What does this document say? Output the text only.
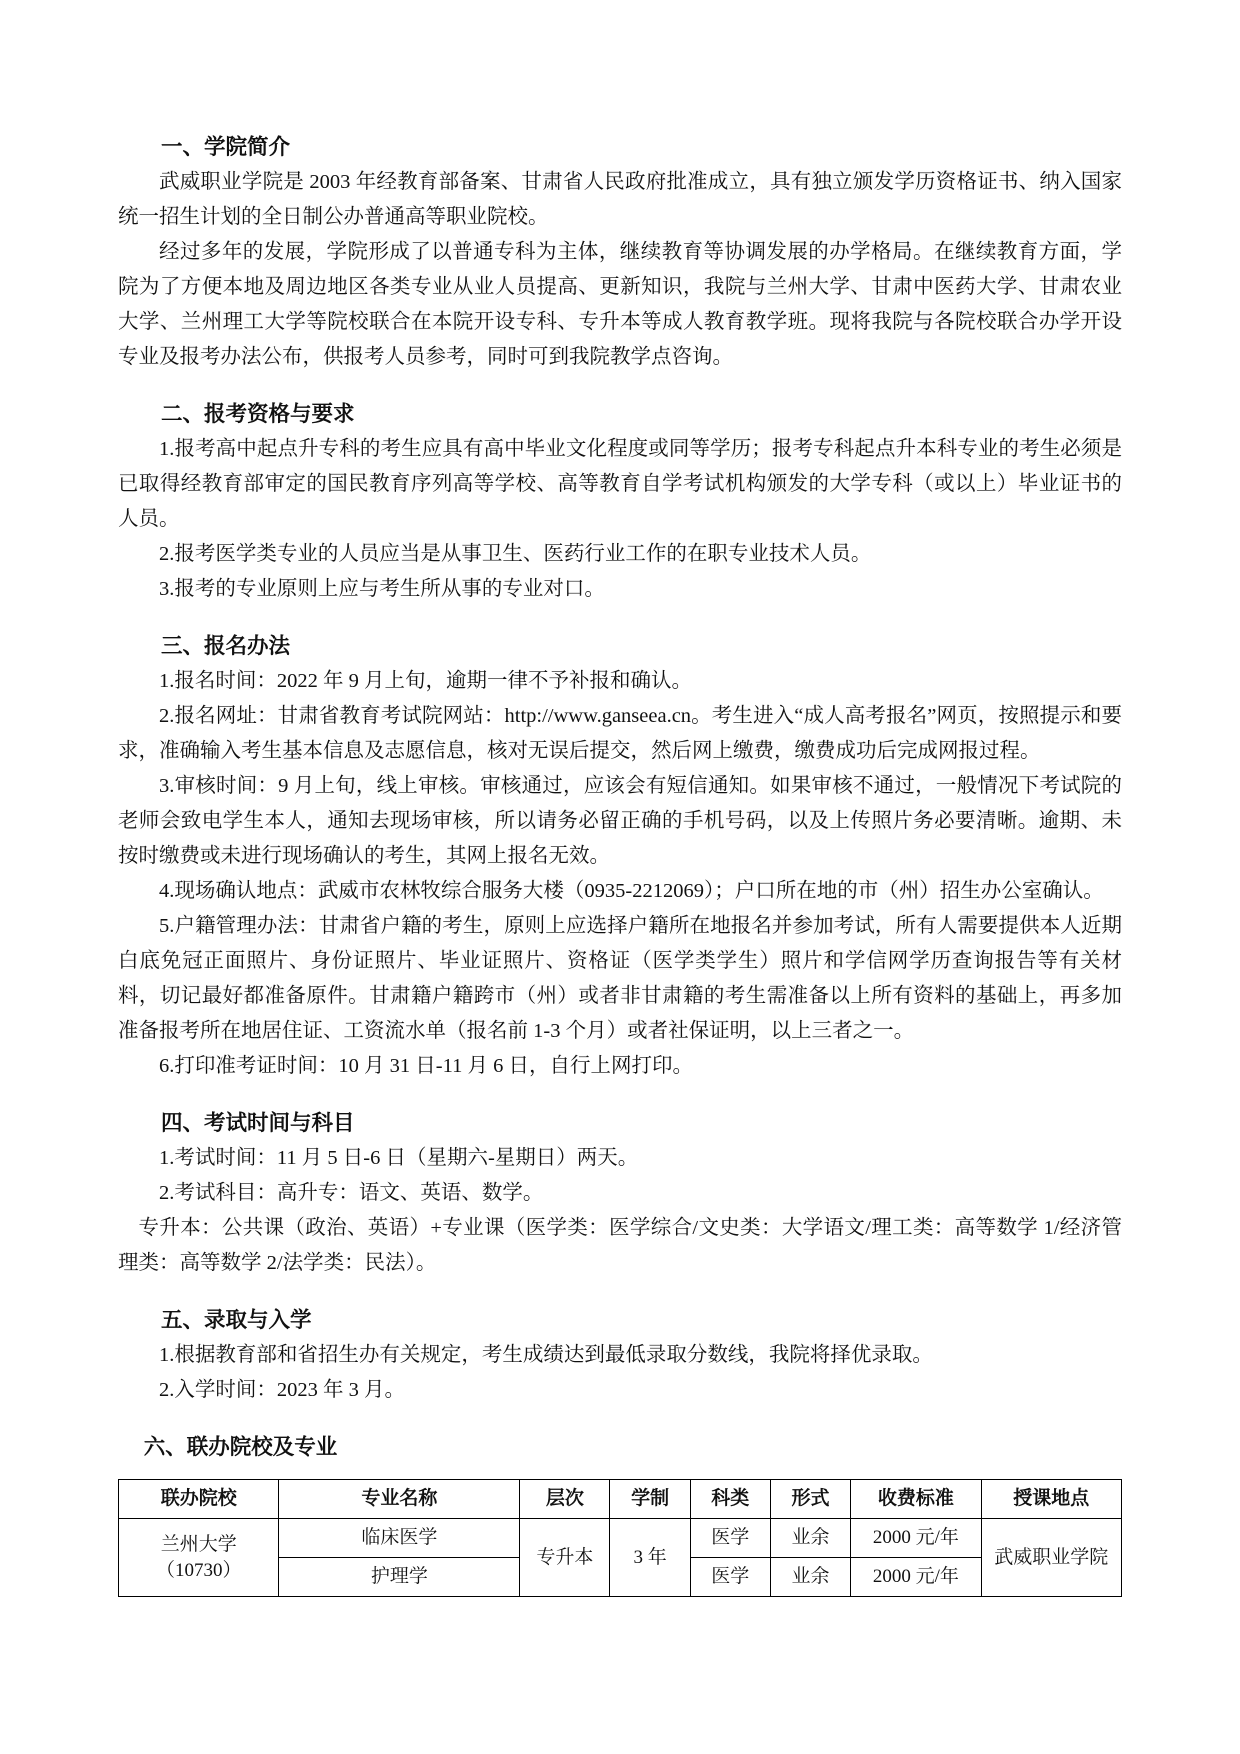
一、学院简介

武威职业学院是 2003 年经教育部备案、甘肃省人民政府批准成立，具有独立颁发学历资格证书、纳入国家统一招生计划的全日制公办普通高等职业院校。

经过多年的发展，学院形成了以普通专科为主体，继续教育等协调发展的办学格局。在继续教育方面，学院为了方便本地及周边地区各类专业从业人员提高、更新知识，我院与兰州大学、甘肃中医药大学、甘肃农业大学、兰州理工大学等院校联合在本院开设专科、专升本等成人教育教学班。现将我院与各院校联合办学开设专业及报考办法公布，供报考人员参考，同时可到我院教学点咨询。

二、报考资格与要求

1.报考高中起点升专科的考生应具有高中毕业文化程度或同等学历；报考专科起点升本科专业的考生必须是已取得经教育部审定的国民教育序列高等学校、高等教育自学考试机构颁发的大学专科（或以上）毕业证书的人员。

2.报考医学类专业的人员应当是从事卫生、医药行业工作的在职专业技术人员。

3.报考的专业原则上应与考生所从事的专业对口。

三、报名办法

1.报名时间：2022 年 9 月上旬，逾期一律不予补报和确认。

2.报名网址：甘肃省教育考试院网站：http://www.ganseea.cn。考生进入“成人高考报名”网页，按照提示和要求，准确输入考生基本信息及志愿信息，核对无误后提交，然后网上缴费，缴费成功后完成网报过程。

3.审核时间：9 月上旬，线上审核。审核通过，应该会有短信通知。如果审核不通过，一般情况下考试院的老师会致电学生本人，通知去现场审核，所以请务必留正确的手机号码，以及上传照片务必要清晰。逾期、未按时缴费或未进行现场确认的考生，其网上报名无效。

4.现场确认地点：武威市农林牧综合服务大楼（0935-2212069）；户口所在地的市（州）招生办公室确认。

5.户籍管理办法：甘肃省户籍的考生，原则上应选择户籍所在地报名并参加考试，所有人需要提供本人近期白底免冠正面照片、身份证照片、毕业证照片、资格证（医学类学生）照片和学信网学历查询报告等有关材料，切记最好都准备原件。甘肃籍户籍跨市（州）或者非甘肃籍的考生需准备以上所有资料的基础上，再多加准备报考所在地居住证、工资流水单（报名前 1-3 个月）或者社保证明，以上三者之一。

6.打印准考证时间：10 月 31 日-11 月 6 日，自行上网打印。

四、考试时间与科目

1.考试时间：11 月 5 日-6 日（星期六-星期日）两天。

2.考试科目：高升专：语文、英语、数学。

专升本：公共课（政治、英语）+专业课（医学类：医学综合/文史类：大学语文/理工类：高等数学 1/经济管理类：高等数学 2/法学类：民法）。

五、录取与入学

1.根据教育部和省招生办有关规定，考生成绩达到最低录取分数线，我院将择优录取。

2.入学时间：2023 年 3 月。

六、联办院校及专业
联办院校	专业名称	层次	学制	科类	形式	收费标准	授课地点

兰州大学
（10730）	临床医学	专升本	3 年	医学	业余	2000 元/年	武威职业学院
	护理学			医学	业余	2000 元/年	
